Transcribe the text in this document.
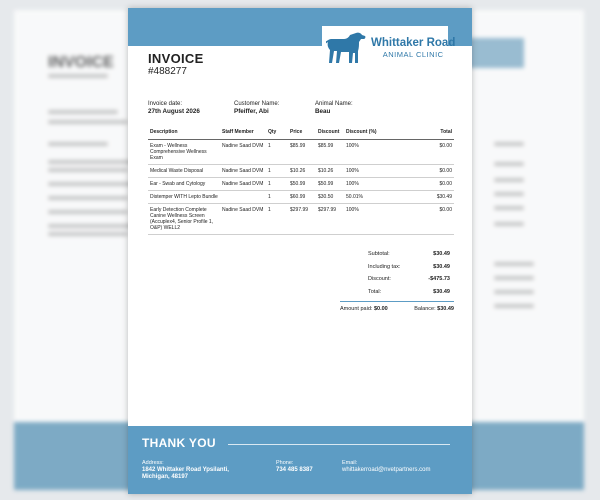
INVOICE
Whittaker Road
ANIMAL CLINIC
INVOICE
#488277
Invoice date:
27th August 2026
Customer Name:
Pfeiffer, Abi
Animal Name:
Beau
Description	Staff Member	Qty	Price	Discount	Discount (%)	Total
Exam - Wellness Comprehensive Wellness Exam	Nadine Saad DVM	1	$85.99	$85.99	100%	$0.00
Medical Waste Disposal	Nadine Saad DVM	1	$10.26	$10.26	100%	$0.00
Ear - Swab and Cytology	Nadine Saad DVM	1	$50.99	$50.99	100%	$0.00
Distemper WITH Lepto Bundle		1	$60.99	$30.50	50.01%	$30.49
Early Detection Complete Canine Wellness Screen (Accuplex4, Senior Profile 1, O&P) WELL2	Nadine Saad DVM	1	$297.99	$297.99	100%	$0.00
Subtotal:	$30.49
Including tax:	$30.49
Discount:	-$475.73
Total:	$30.49
Amount paid: $0.00	Balance: $30.49
THANK YOU
Address:
1842 Whittaker Road Ypsilanti,
Michigan, 48197
Phone:
734 485 8387
Email:
whittakerroad@nvetpartners.com
